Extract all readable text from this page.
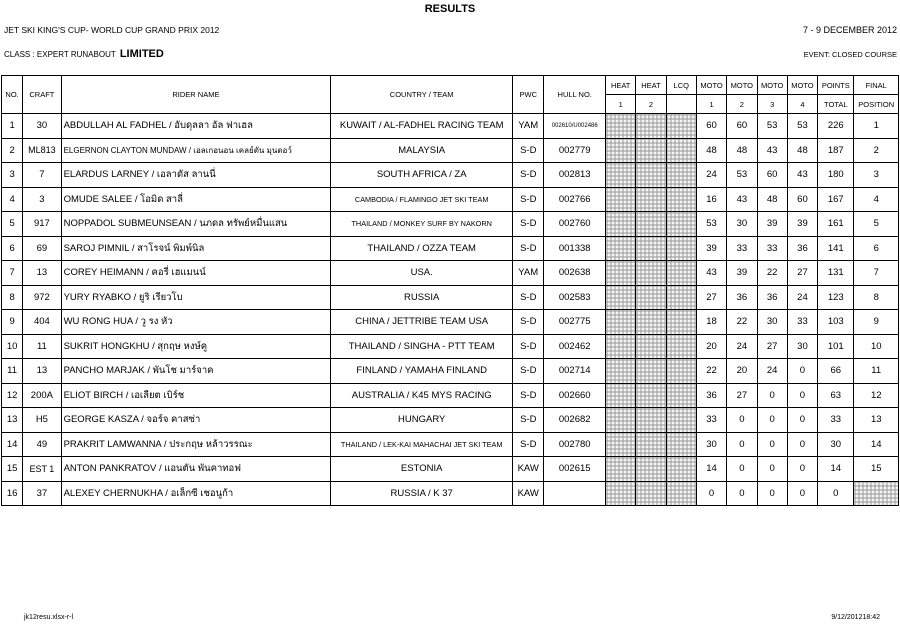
RESULTS
JET SKI KING'S CUP- WORLD CUP GRAND PRIX 2012	7 - 9 DECEMBER 2012
CLASS : EXPERT RUNABOUT LIMITED	EVENT: CLOSED COURSE
NO.	CRAFT	RIDER NAME	COUNTRY / TEAM	PWC	HULL NO.	HEAT	HEAT	LCQ	MOTO	MOTO	MOTO	MOTO	POINTS	FINAL
						1	2		1	2	3	4	TOTAL	POSITION
1	30	ABDULLAH AL FADHEL / อับดุลลา อัล ฟาเฮล	KUWAIT / AL-FADHEL RACING TEAM	YAM	002610/U002486				60	60	53	53	226	1
2	ML813	ELGERNON CLAYTON MUNDAW / เอลเกอนอน เคลย์ตัน มุนดอว์	MALAYSIA	S-D	002779				48	48	43	48	187	2
3	7	ELARDUS LARNEY / เอลาดัส ลานนี่	SOUTH AFRICA / ZA	S-D	002813				24	53	60	43	180	3
4	3	OMUDE SALEE / โอมิด สาลี่	CAMBODIA / FLAMINGO JET SKI TEAM	S-D	002766				16	43	48	60	167	4
5	917	NOPPADOL SUBMEUNSEAN / นภดล ทรัพย์หมื่นแสน	THAILAND / MONKEY SURF BY NAKORN	S-D	002760				53	30	39	39	161	5
6	69	SAROJ PIMNIL / สาโรจน์ พิมพ์นิล	THAILAND / OZZA TEAM	S-D	001338				39	33	33	36	141	6
7	13	COREY HEIMANN / คอรี่ เฮแมนน์	USA.	YAM	002638				43	39	22	27	131	7
8	972	YURY RYABKO / ยูริ เรียวโบ	RUSSIA	S-D	002583				27	36	36	24	123	8
9	404	WU RONG HUA / วู รง หัว	CHINA / JETTRIBE TEAM USA	S-D	002775				18	22	30	33	103	9
10	11	SUKRIT HONGKHU / สุกฤษ หงษ์คู	THAILAND / SINGHA - PTT TEAM	S-D	002462				20	24	27	30	101	10
11	13	PANCHO MARJAK / พันโช มาร์จาค	FINLAND / YAMAHA FINLAND	S-D	002714				22	20	24	0	66	11
12	200A	ELIOT BIRCH / เอเลียต เบิร์ช	AUSTRALIA / K45 MYS RACING	S-D	002660				36	27	0	0	63	12
13	H5	GEORGE KASZA / จอร์จ คาสซ่า	HUNGARY	S-D	002682				33	0	0	0	33	13
14	49	PRAKRIT LAMWANNA / ประกฤษ หล้าวรรณะ	THAILAND / LEK-KAI MAHACHAI JET SKI TEAM	S-D	002780				30	0	0	0	30	14
15	EST 1	ANTON PANKRATOV / แอนตัน พันคาทอฟ	ESTONIA	KAW	002615				14	0	0	0	14	15
16	37	ALEXEY CHERNUKHA / อเล็กซี เชอนูก้า	RUSSIA / K 37	KAW					0	0	0	0	0	
jk12resu.xlsx-r-l	9/12/201218:42
